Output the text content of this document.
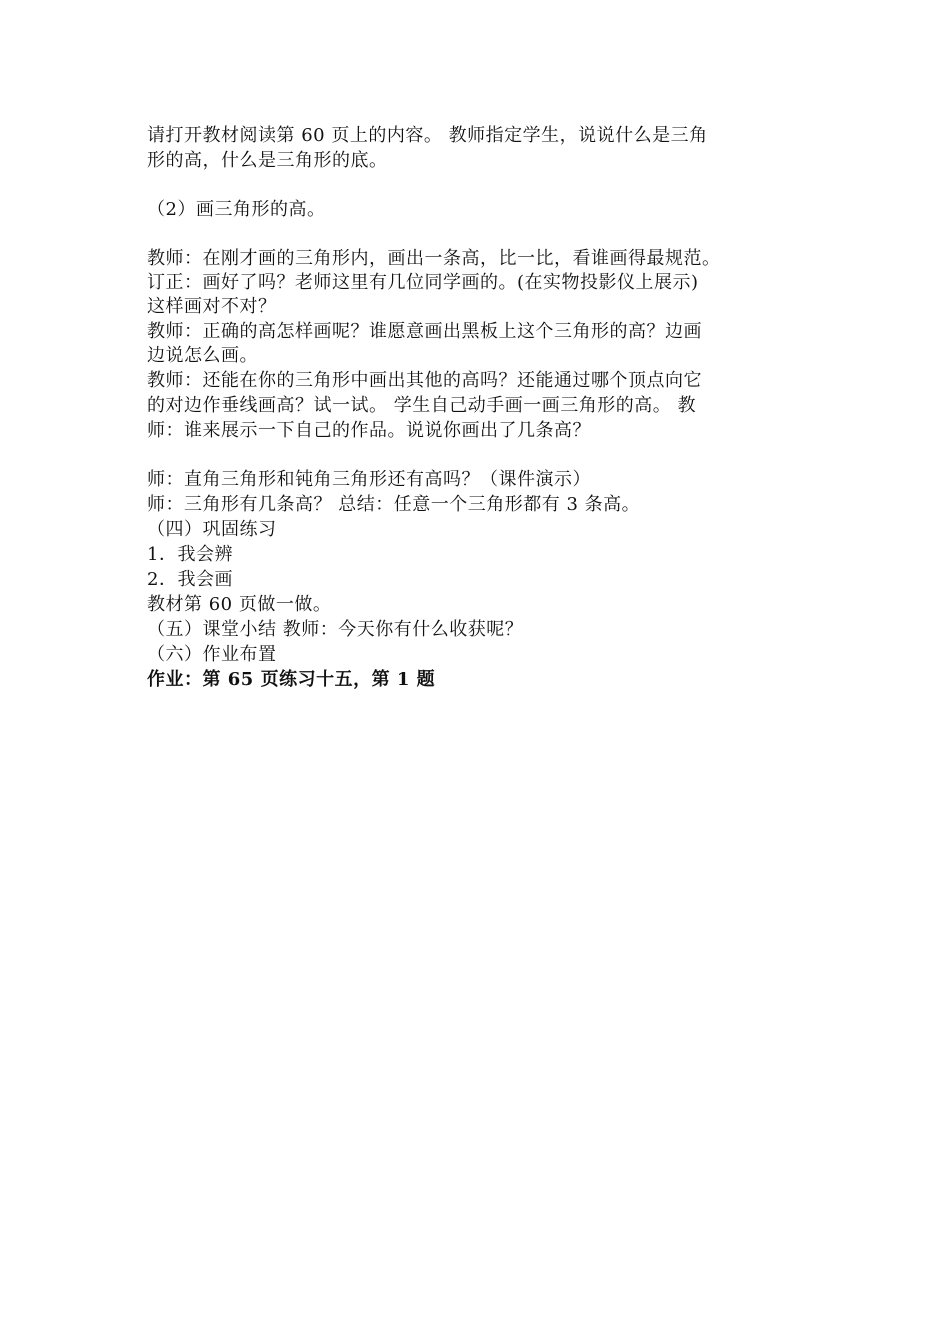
请打开教材阅读第 60 页上的内容。 教师指定学生，说说什么是三角
形的高，什么是三角形的底。
（2）画三角形的高。
教师：在刚才画的三角形内，画出一条高，比一比，看谁画得最规范。
订正：画好了吗？老师这里有几位同学画的。(在实物投影仪上展示)
这样画对不对？
教师：正确的高怎样画呢？谁愿意画出黑板上这个三角形的高？边画
边说怎么画。
教师：还能在你的三角形中画出其他的高吗？还能通过哪个顶点向它
的对边作垂线画高？试一试。 学生自己动手画一画三角形的高。 教
师：谁来展示一下自己的作品。说说你画出了几条高？
师：直角三角形和钝角三角形还有高吗？（课件演示）
师：三角形有几条高？ 总结：任意一个三角形都有 3 条高。
（四）巩固练习
1．我会辨
2．我会画
教材第 60 页做一做。
（五）课堂小结 教师：今天你有什么收获呢？
（六）作业布置
作业：第 65 页练习十五，第 1 题
